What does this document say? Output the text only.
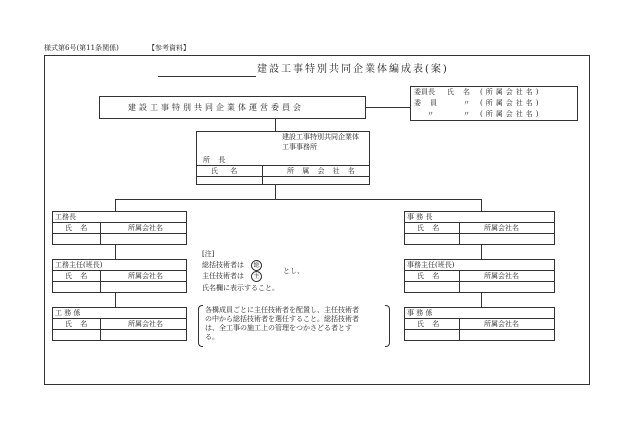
様式第6号(第11条関係)	【参考資料】
建設工事特別共同企業体編成表(案)
建設工事特別共同企業体運営委員会
委員長 氏 名 (所属会社名)
委 員	〃 (所属会社名)
〃	〃 (所属会社名)
建設工事特別共同企業体
工事事務所
所 長
氏 名	所 属 会 社 名
工務長
氏 名	所属会社名
工務主任(班長)
氏 名	所属会社名
工 務 係
氏 名	所属会社名
事 務 長
氏 名	所属会社名
事務主任(班長)
氏 名	所属会社名
事 務 係
氏 名	所属会社名
[注]
総括技術者は	総
主任技術者は	主
とし、
氏名欄に表示すること。
各構成員ごとに主任技術者を配置し、主任技術者
の中から総括技術者を選任すること。総括技術者
は、全工事の施工上の管理をつかさどる者とす
る。
